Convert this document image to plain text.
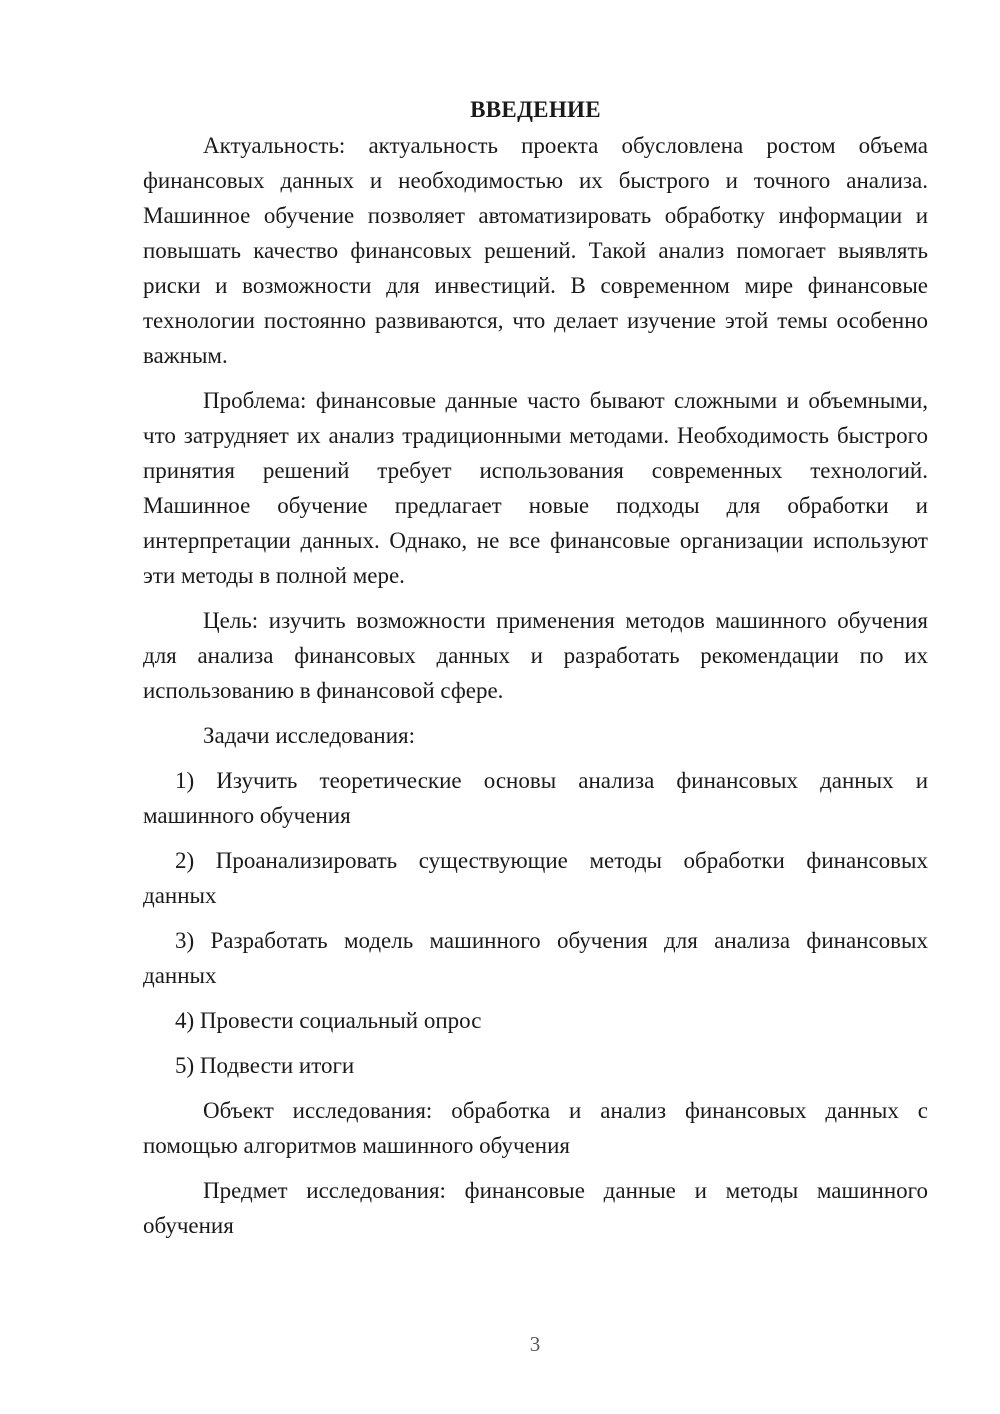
ВВЕДЕНИЕ

Актуальность: актуальность проекта обусловлена ростом объема финансовых данных и необходимостью их быстрого и точного анализа. Машинное обучение позволяет автоматизировать обработку информации и повышать качество финансовых решений. Такой анализ помогает выявлять риски и возможности для инвестиций. В современном мире финансовые технологии постоянно развиваются, что делает изучение этой темы особенно важным.

Проблема: финансовые данные часто бывают сложными и объемными, что затрудняет их анализ традиционными методами. Необходимость быстрого принятия решений требует использования современных технологий. Машинное обучение предлагает новые подходы для обработки и интерпретации данных. Однако, не все финансовые организации используют эти методы в полной мере.

Цель: изучить возможности применения методов машинного обучения для анализа финансовых данных и разработать рекомендации по их использованию в финансовой сфере.

Задачи исследования:

1) Изучить теоретические основы анализа финансовых данных и машинного обучения

2) Проанализировать существующие методы обработки финансовых данных

3) Разработать модель машинного обучения для анализа финансовых данных

4) Провести социальный опрос

5) Подвести итоги

Объект исследования: обработка и анализ финансовых данных с помощью алгоритмов машинного обучения

Предмет исследования: финансовые данные и методы машинного обучения

3
